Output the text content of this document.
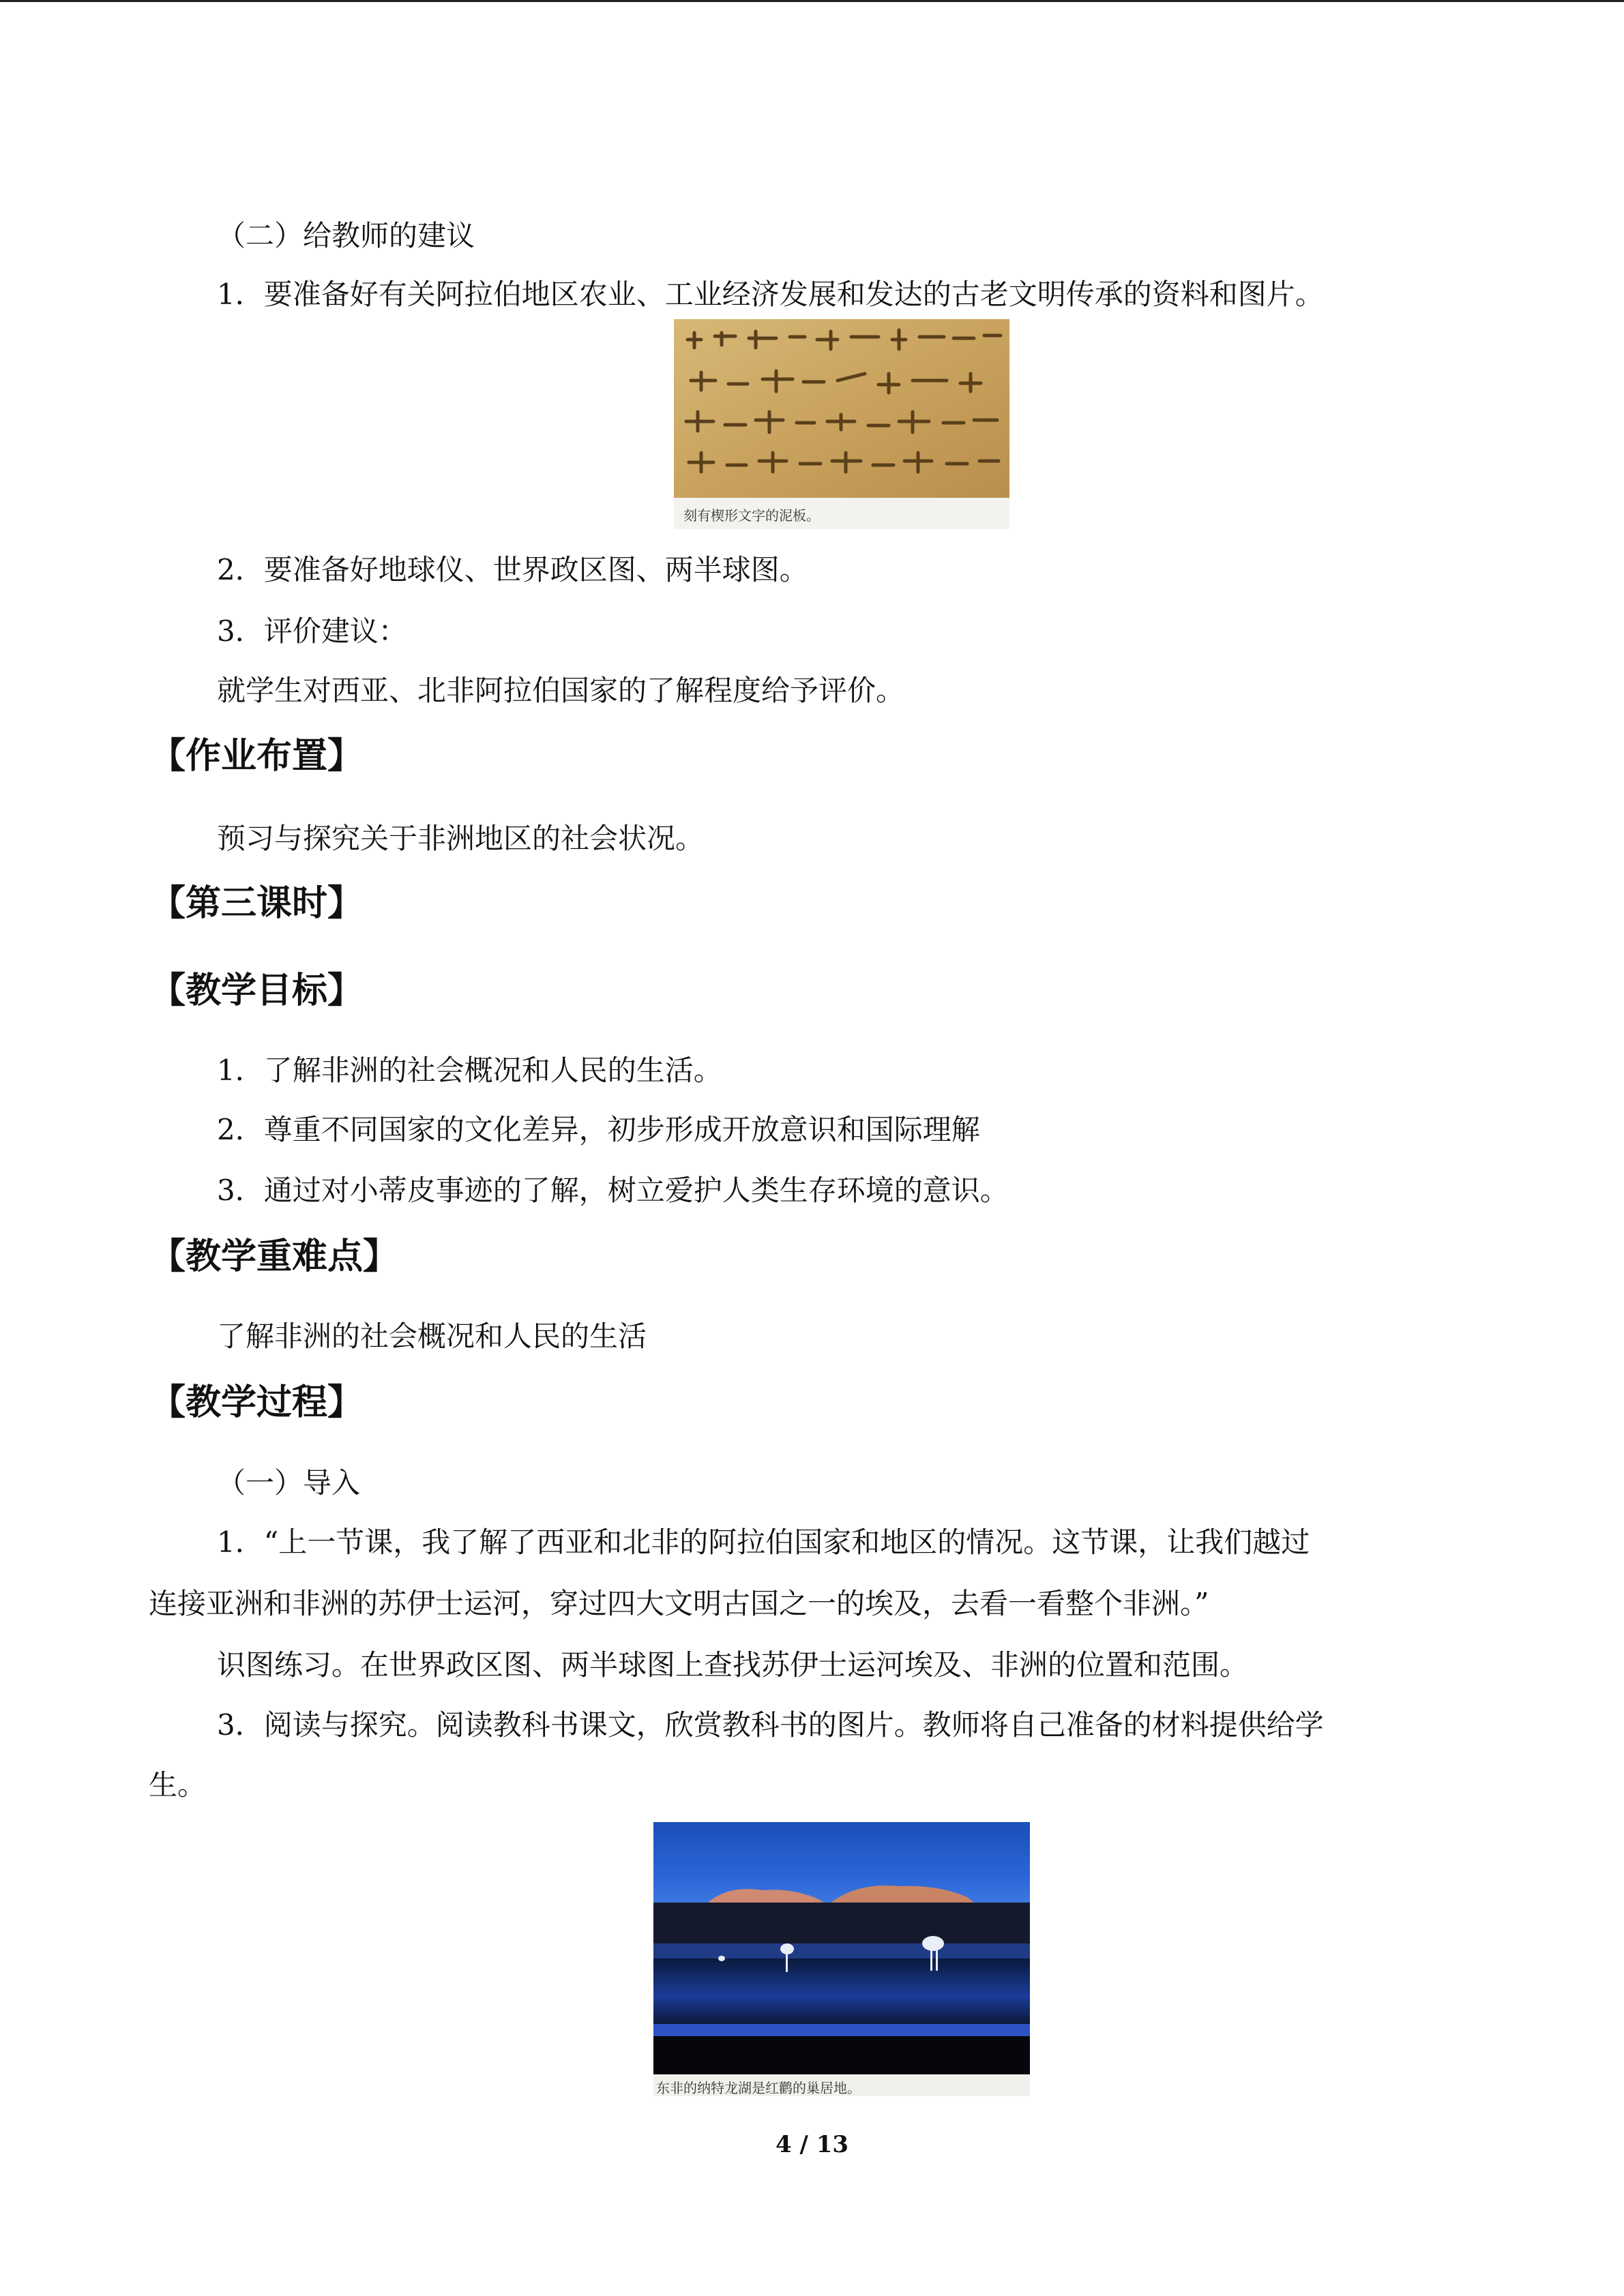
（二）给教师的建议
1．要准备好有关阿拉伯地区农业、工业经济发展和发达的古老文明传承的资料和图片。
刻有楔形文字的泥板。
2．要准备好地球仪、世界政区图、两半球图。
3．评价建议：
就学生对西亚、北非阿拉伯国家的了解程度给予评价。
【作业布置】
预习与探究关于非洲地区的社会状况。
【第三课时】
【教学目标】
1．了解非洲的社会概况和人民的生活。
2．尊重不同国家的文化差异，初步形成开放意识和国际理解
3．通过对小蒂皮事迹的了解，树立爱护人类生存环境的意识。
【教学重难点】
了解非洲的社会概况和人民的生活
【教学过程】
（一）导入
1．“上一节课，我了解了西亚和北非的阿拉伯国家和地区的情况。这节课，让我们越过
连接亚洲和非洲的苏伊士运河，穿过四大文明古国之一的埃及，去看一看整个非洲。”
识图练习。在世界政区图、两半球图上查找苏伊士运河埃及、非洲的位置和范围。
3．阅读与探究。阅读教科书课文，欣赏教科书的图片。教师将自己准备的材料提供给学
生。
东非的纳特龙湖是红鹳的巢居地。
4 / 13
